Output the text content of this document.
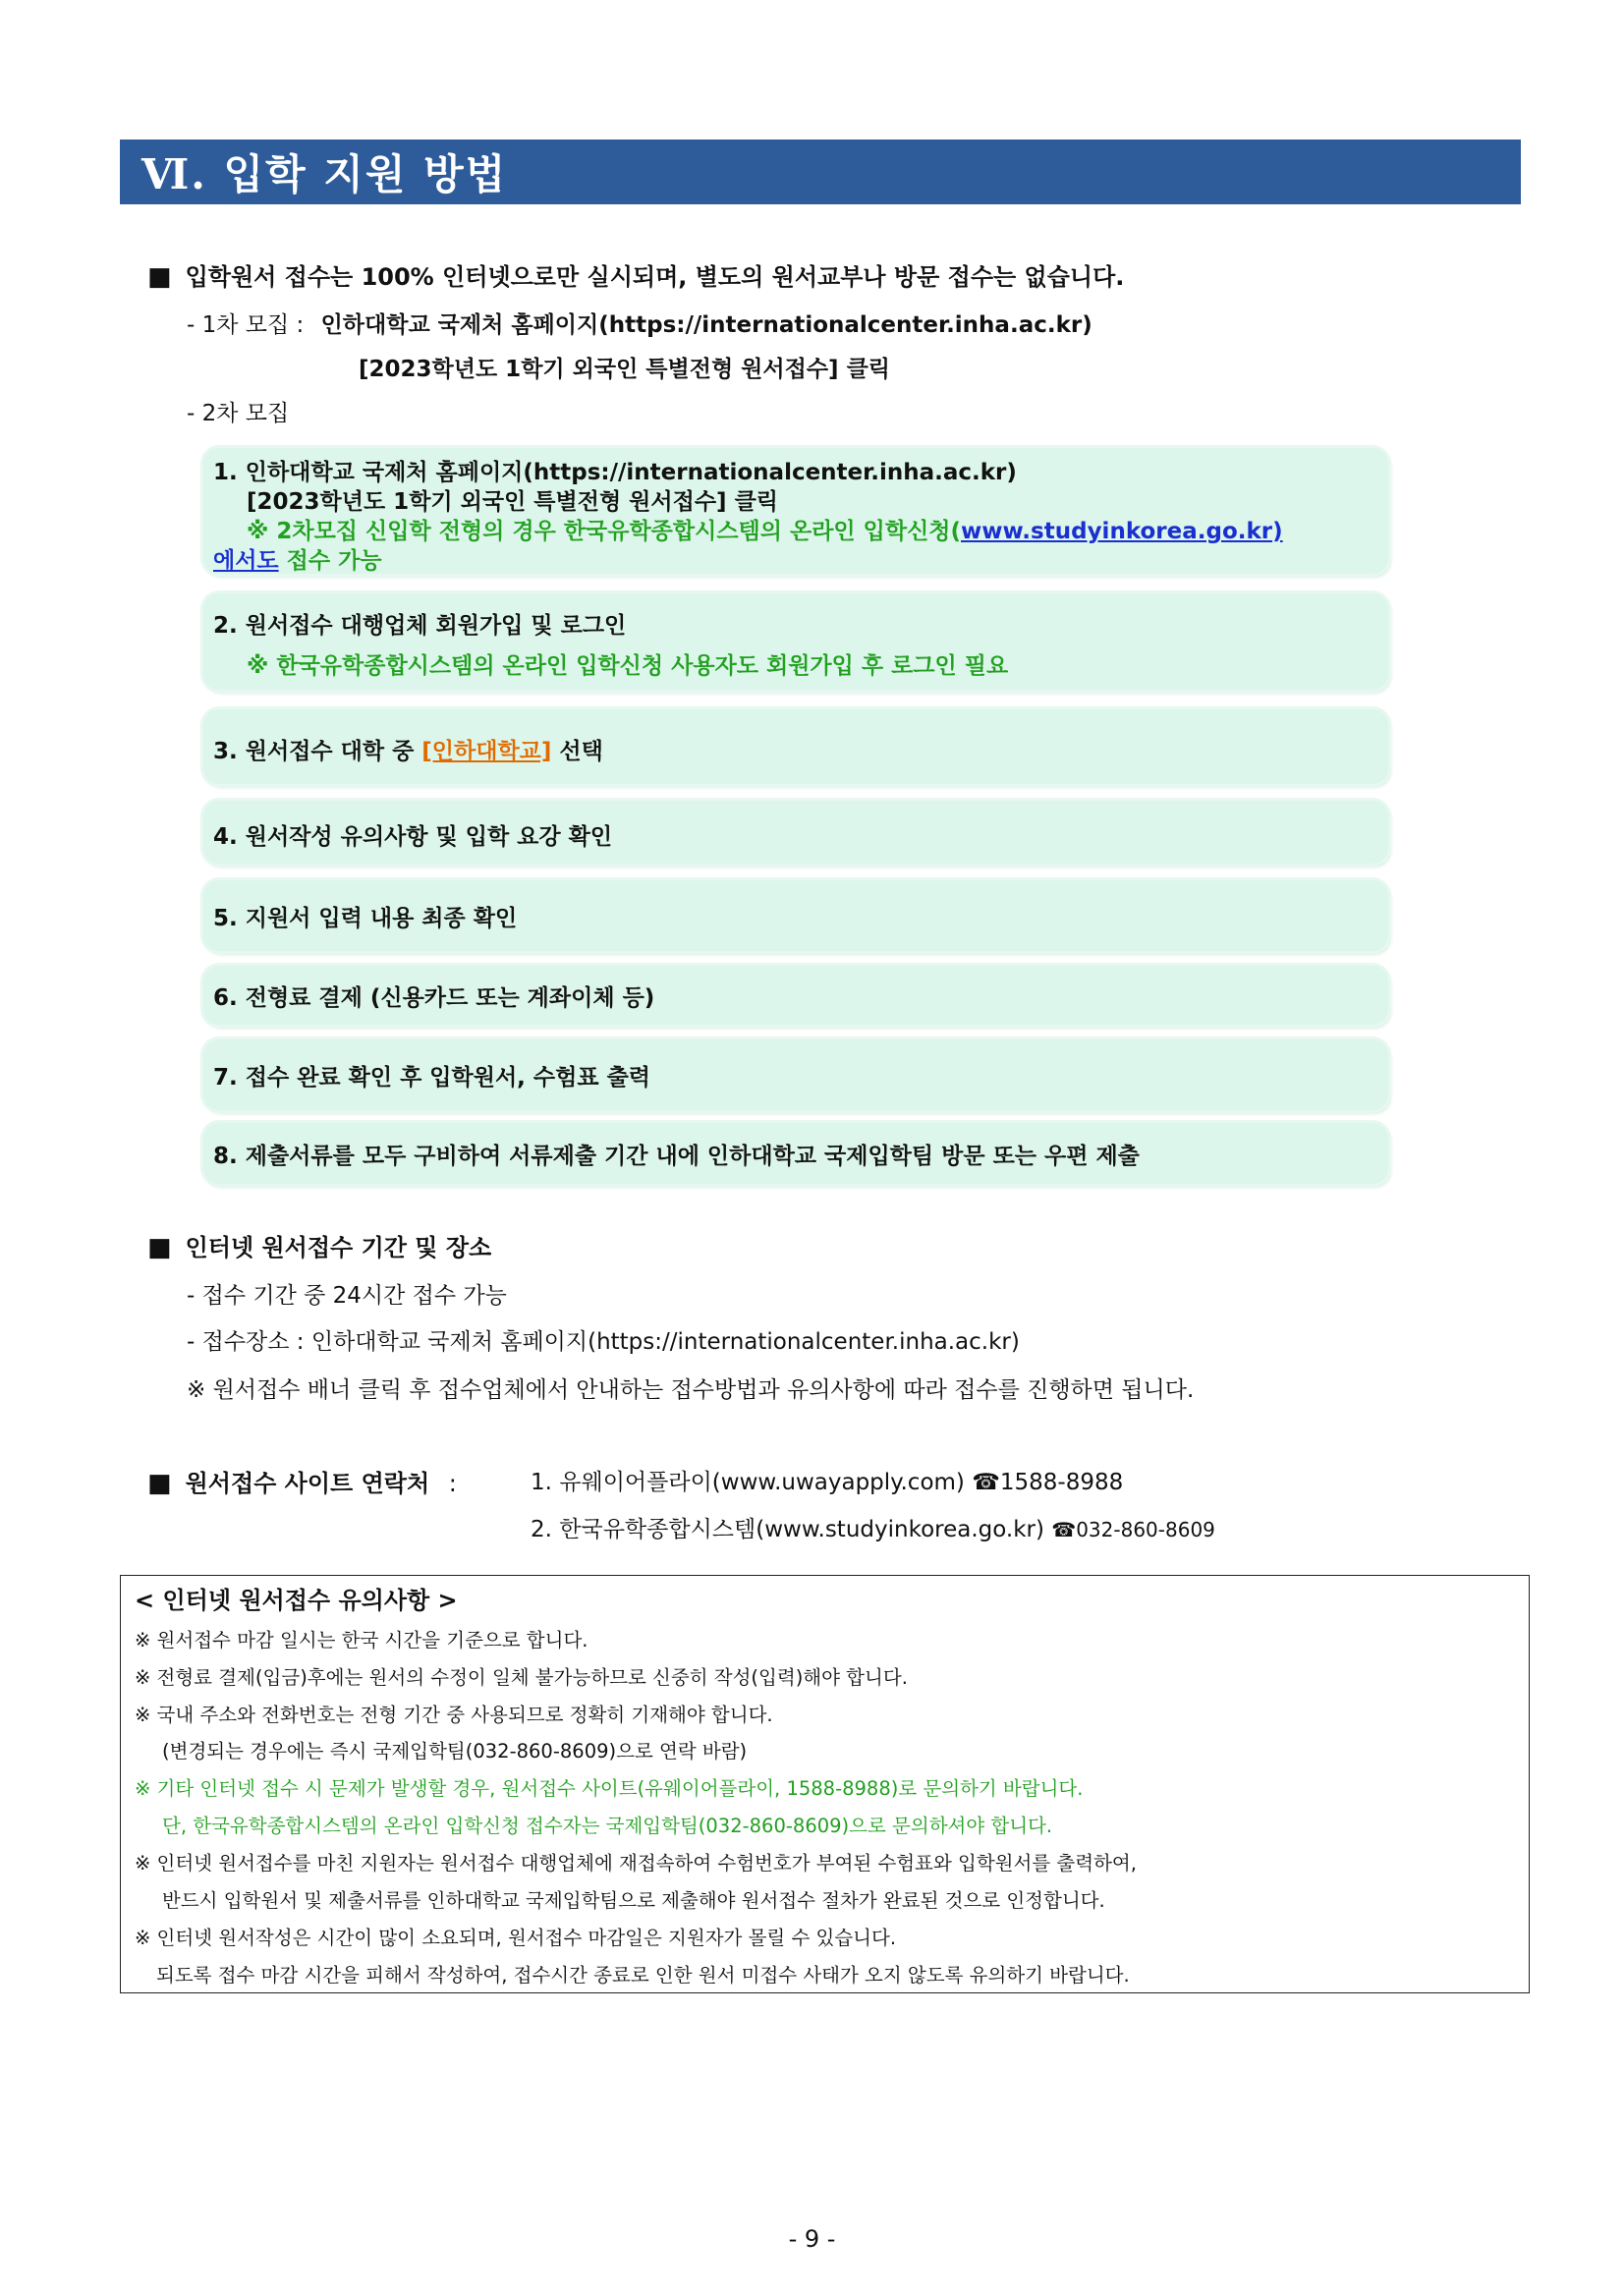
Ⅵ. 입학 지원 방법
■ 입학원서 접수는 100% 인터넷으로만 실시되며, 별도의 원서교부나 방문 접수는 없습니다.
- 1차 모집 : 인하대학교 국제처 홈페이지(https://internationalcenter.inha.ac.kr)
[2023학년도 1학기 외국인 특별전형 원서접수] 클릭
- 2차 모집
1. 인하대학교 국제처 홈페이지(https://internationalcenter.inha.ac.kr)
[2023학년도 1학기 외국인 특별전형 원서접수] 클릭
※ 2차모집 신입학 전형의 경우 한국유학종합시스템의 온라인 입학신청(www.studyinkorea.go.kr)
에서도 접수 가능
2. 원서접수 대행업체 회원가입 및 로그인
※ 한국유학종합시스템의 온라인 입학신청 사용자도 회원가입 후 로그인 필요
3. 원서접수 대학 중 [인하대학교] 선택
4. 원서작성 유의사항 및 입학 요강 확인
5. 지원서 입력 내용 최종 확인
6. 전형료 결제 (신용카드 또는 계좌이체 등)
7. 접수 완료 확인 후 입학원서, 수험표 출력
8. 제출서류를 모두 구비하여 서류제출 기간 내에 인하대학교 국제입학팀 방문 또는 우편 제출
■ 인터넷 원서접수 기간 및 장소
- 접수 기간 중 24시간 접수 가능
- 접수장소 : 인하대학교 국제처 홈페이지(https://internationalcenter.inha.ac.kr)
※ 원서접수 배너 클릭 후 접수업체에서 안내하는 접수방법과 유의사항에 따라 접수를 진행하면 됩니다.
■ 원서접수 사이트 연락처 :	1. 유웨이어플라이(www.uwayapply.com) ☎1588-8988
2. 한국유학종합시스템(www.studyinkorea.go.kr) ☎032-860-8609
< 인터넷 원서접수 유의사항 >
※ 원서접수 마감 일시는 한국 시간을 기준으로 합니다.
※ 전형료 결제(입금)후에는 원서의 수정이 일체 불가능하므로 신중히 작성(입력)해야 합니다.
※ 국내 주소와 전화번호는 전형 기간 중 사용되므로 정확히 기재해야 합니다.
(변경되는 경우에는 즉시 국제입학팀(032-860-8609)으로 연락 바람)
※ 기타 인터넷 접수 시 문제가 발생할 경우, 원서접수 사이트(유웨이어플라이, 1588-8988)로 문의하기 바랍니다.
단, 한국유학종합시스템의 온라인 입학신청 접수자는 국제입학팀(032-860-8609)으로 문의하셔야 합니다.
※ 인터넷 원서접수를 마친 지원자는 원서접수 대행업체에 재접속하여 수험번호가 부여된 수험표와 입학원서를 출력하여,
반드시 입학원서 및 제출서류를 인하대학교 국제입학팀으로 제출해야 원서접수 절차가 완료된 것으로 인정합니다.
※ 인터넷 원서작성은 시간이 많이 소요되며, 원서접수 마감일은 지원자가 몰릴 수 있습니다.
되도록 접수 마감 시간을 피해서 작성하여, 접수시간 종료로 인한 원서 미접수 사태가 오지 않도록 유의하기 바랍니다.
- 9 -
